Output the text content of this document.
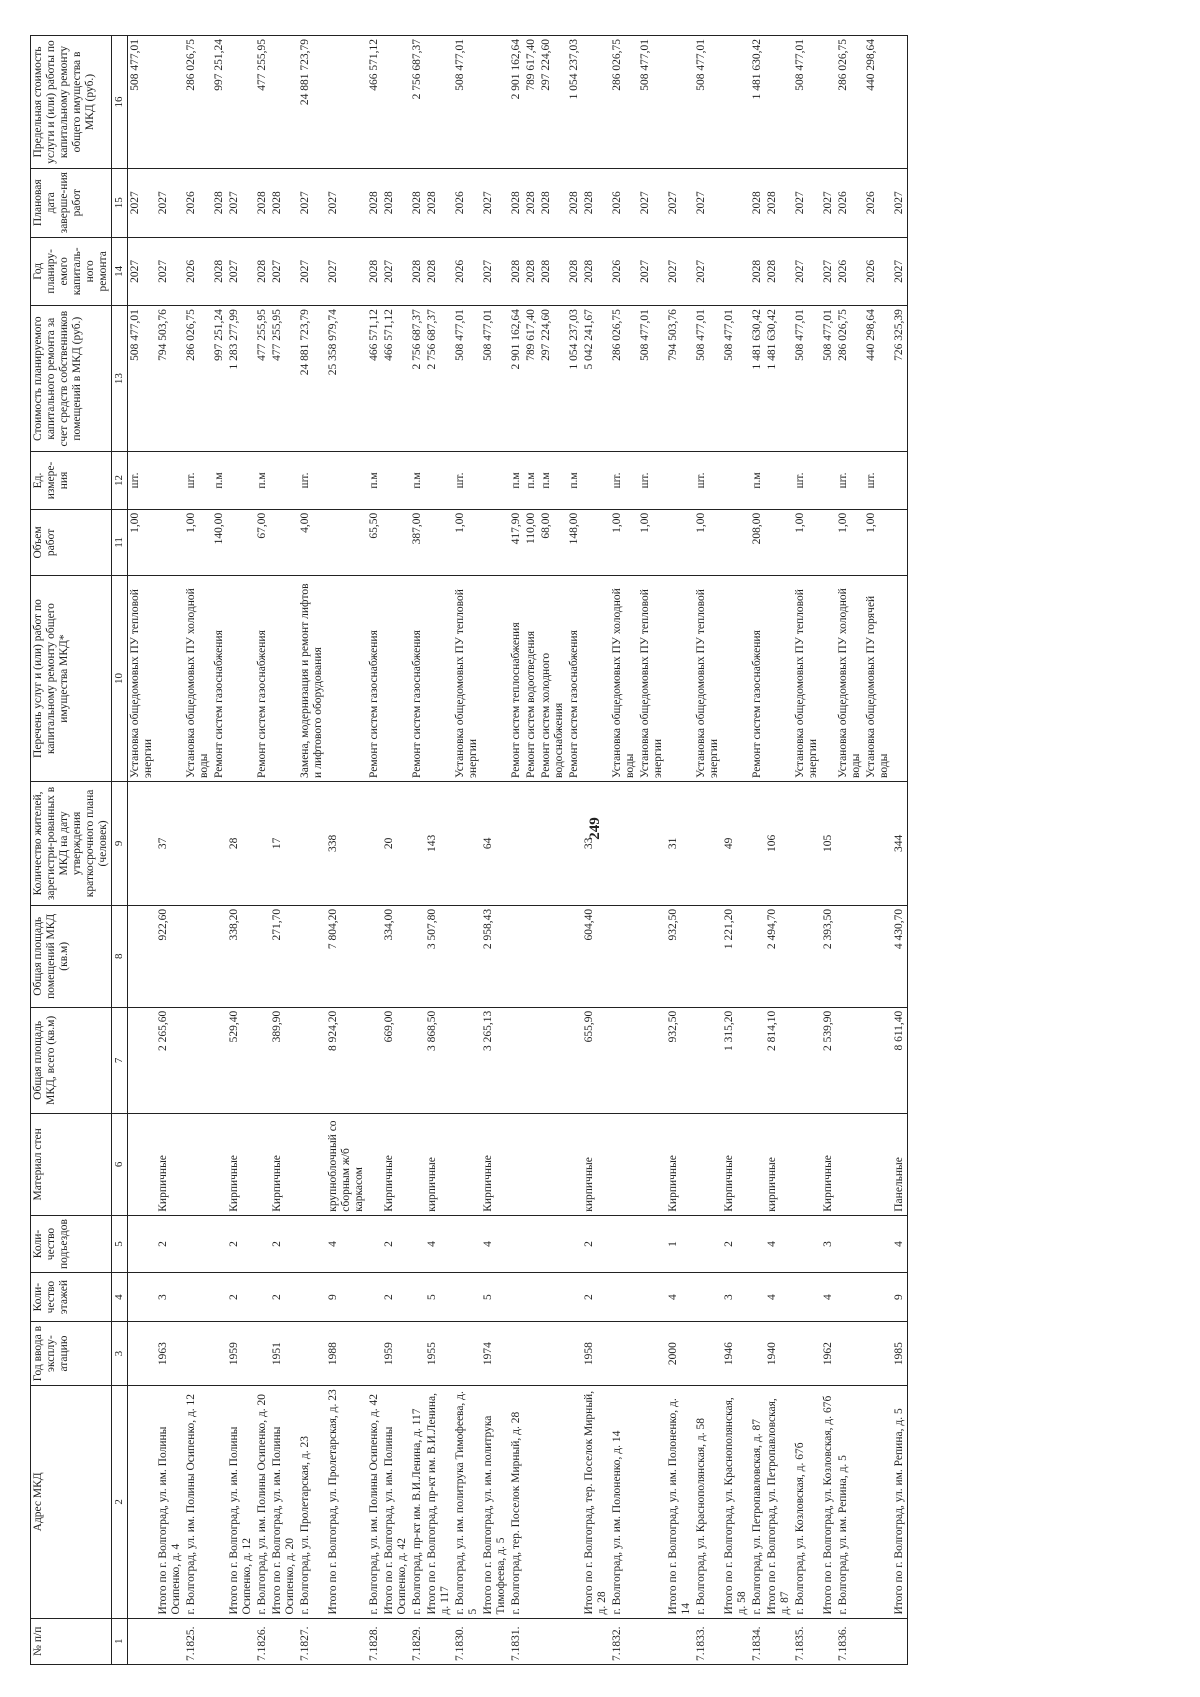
249
№ п/п	Адрес МКД	Год ввода в эксплу-атацию	Коли-чество этажей	Коли-чество подъездов	Материал стен	Общая площадь МКД, всего (кв.м)	Общая площадь помещений МКД (кв.м)	Количество жителей, зарегистри-рованных в МКД на дату утверждения краткосрочного плана (человек)	Перечень услуг и (или) работ по капитальному ремонту общего имущества МКД*	Объем работ	Ед. измере-ния	Стоимость планируемого капитального ремонта за счет средств собственников помещений в МКД (руб.)	Год планиру-емого капиталь-ного ремонта	Плановая дата заверше-ния работ	Предельная стоимость услуги и (или) работы по капитальному ремонту общего имущества в МКД (руб.)
1	2	3	4	5	6	7	8	9	10	11	12	13	14	15	16
									Установка общедомовых ПУ тепловой энергии	1,00	шт.	508 477,01	2027	2027	508 477,01
	Итого по г. Волгоград, ул. им. Полины Осипенко, д. 4	1963	3	2	Кирпичные	2 265,60	922,60	37				794 503,76	2027	2027	
7.1825.	г. Волгоград, ул. им. Полины Осипенко, д. 12								Установка общедомовых ПУ холодной воды	1,00	шт.	286 026,75	2026	2026	286 026,75
									Ремонт систем газоснабжения	140,00	п.м	997 251,24	2028	2028	997 251,24
	Итого по г. Волгоград, ул. им. Полины Осипенко, д. 12	1959	2	2	Кирпичные	529,40	338,20	28				1 283 277,99	2027	2027	
7.1826.	г. Волгоград, ул. им. Полины Осипенко, д. 20								Ремонт систем газоснабжения	67,00	п.м	477 255,95	2028	2028	477 255,95
	Итого по г. Волгоград, ул. им. Полины Осипенко, д. 20	1951	2	2	Кирпичные	389,90	271,70	17				477 255,95	2027	2028	
7.1827.	г. Волгоград, ул. Пролетарская, д. 23								Замена, модернизация и ремонт лифтов и лифтового оборудования	4,00	шт.	24 881 723,79	2027	2027	24 881 723,79
	Итого по г. Волгоград, ул. Пролетарская, д. 23	1988	9	4	крупноблочный со сборным ж/б каркасом	8 924,20	7 804,20	338				25 358 979,74	2027	2027	
7.1828.	г. Волгоград, ул. им. Полины Осипенко, д. 42								Ремонт систем газоснабжения	65,50	п.м	466 571,12	2028	2028	466 571,12
	Итого по г. Волгоград, ул. им. Полины Осипенко, д. 42	1959	2	2	Кирпичные	669,00	334,00	20				466 571,12	2027	2028	
7.1829.	г. Волгоград, пр-кт им. В.И.Ленина, д. 117								Ремонт систем газоснабжения	387,00	п.м	2 756 687,37	2028	2028	2 756 687,37
	Итого по г. Волгоград, пр-кт им. В.И.Ленина, д. 117	1955	5	4	кирпичные	3 868,50	3 507,80	143				2 756 687,37	2028	2028	
7.1830.	г. Волгоград, ул. им. политрука Тимофеева, д. 5								Установка общедомовых ПУ тепловой энергии	1,00	шт.	508 477,01	2026	2026	508 477,01
	Итого по г. Волгоград, ул. им. политрука Тимофеева, д. 5	1974	5	4	Кирпичные	3 265,13	2 958,43	64				508 477,01	2027	2027	
7.1831.	г. Волгоград, тер. Поселок Мирный, д. 28								Ремонт систем теплоснабжения	417,90	п.м	2 901 162,64	2028	2028	2 901 162,64
									Ремонт систем водоотведения	110,00	п.м	789 617,40	2028	2028	789 617,40
									Ремонт систем холодного водоснабжения	68,00	п.м	297 224,60	2028	2028	297 224,60
									Ремонт систем газоснабжения	148,00	п.м	1 054 237,03	2028	2028	1 054 237,03
	Итого по г. Волгоград, тер. Поселок Мирный, д. 28	1958	2	2	кирпичные	655,90	604,40	33				5 042 241,67	2028	2028	
7.1832.	г. Волгоград, ул. им. Полоненко, д. 14								Установка общедомовых ПУ холодной воды	1,00	шт.	286 026,75	2026	2026	286 026,75
									Установка общедомовых ПУ тепловой энергии	1,00	шт.	508 477,01	2027	2027	508 477,01
	Итого по г. Волгоград, ул. им. Полоненко, д. 14	2000	4	1	Кирпичные	932,50	932,50	31				794 503,76	2027	2027	
7.1833.	г. Волгоград, ул. Краснополянская, д. 58								Установка общедомовых ПУ тепловой энергии	1,00	шт.	508 477,01	2027	2027	508 477,01
	Итого по г. Волгоград, ул. Краснополянская, д. 58	1946	3	2	Кирпичные	1 315,20	1 221,20	49				508 477,01			
7.1834.	г. Волгоград, ул. Петропавловская, д. 87								Ремонт систем газоснабжения	208,00	п.м	1 481 630,42	2028	2028	1 481 630,42
	Итого по г. Волгоград, ул. Петропавловская, д. 87	1940	4	4	кирпичные	2 814,10	2 494,70	106				1 481 630,42	2028	2028	
7.1835.	г. Волгоград, ул. Козловская, д. 67б								Установка общедомовых ПУ тепловой энергии	1,00	шт.	508 477,01	2027	2027	508 477,01
	Итого по г. Волгоград, ул. Козловская, д. 67б	1962	4	3	Кирпичные	2 539,90	2 393,50	105				508 477,01	2027	2027	
7.1836.	г. Волгоград, ул. им. Репина, д. 5								Установка общедомовых ПУ холодной воды	1,00	шт.	286 026,75	2026	2026	286 026,75
									Установка общедомовых ПУ горячей воды	1,00	шт.	440 298,64	2026	2026	440 298,64
	Итого по г. Волгоград, ул. им. Репина, д. 5	1985	9	4	Панельные	8 611,40	4 430,70	344				726 325,39	2027	2027	
